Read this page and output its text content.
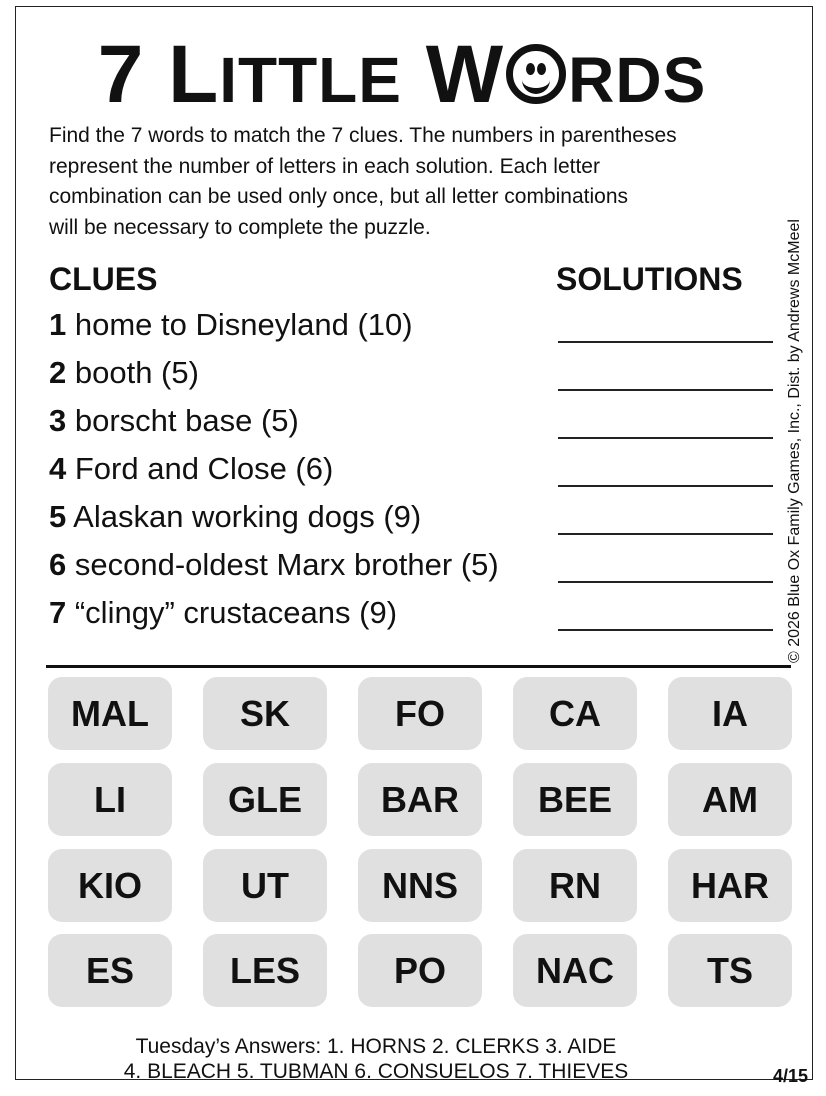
7 LITTLE W RDS

Find the 7 words to match the 7 clues. The numbers in parentheses
represent the number of letters in each solution. Each letter
combination can be used only once, but all letter combinations
will be necessary to complete the puzzle.

CLUES	SOLUTIONS
1 home to Disneyland (10)
2 booth (5)
3 borscht base (5)
4 Ford and Close (6)
5 Alaskan working dogs (9)
6 second-oldest Marx brother (5)
7 “clingy” crustaceans (9)	© 2026 Blue Ox Family Games, Inc., Dist. by Andrews McMeel
MAL	SK	FO	CA	IA
LI	GLE	BAR	BEE	AM
KIO	UT	NNS	RN	HAR
ES	LES	PO	NAC	TS
Tuesday’s Answers: 1. HORNS 2. CLERKS 3. AIDE
4. BLEACH 5. TUBMAN 6. CONSUELOS 7. THIEVES	4/15
